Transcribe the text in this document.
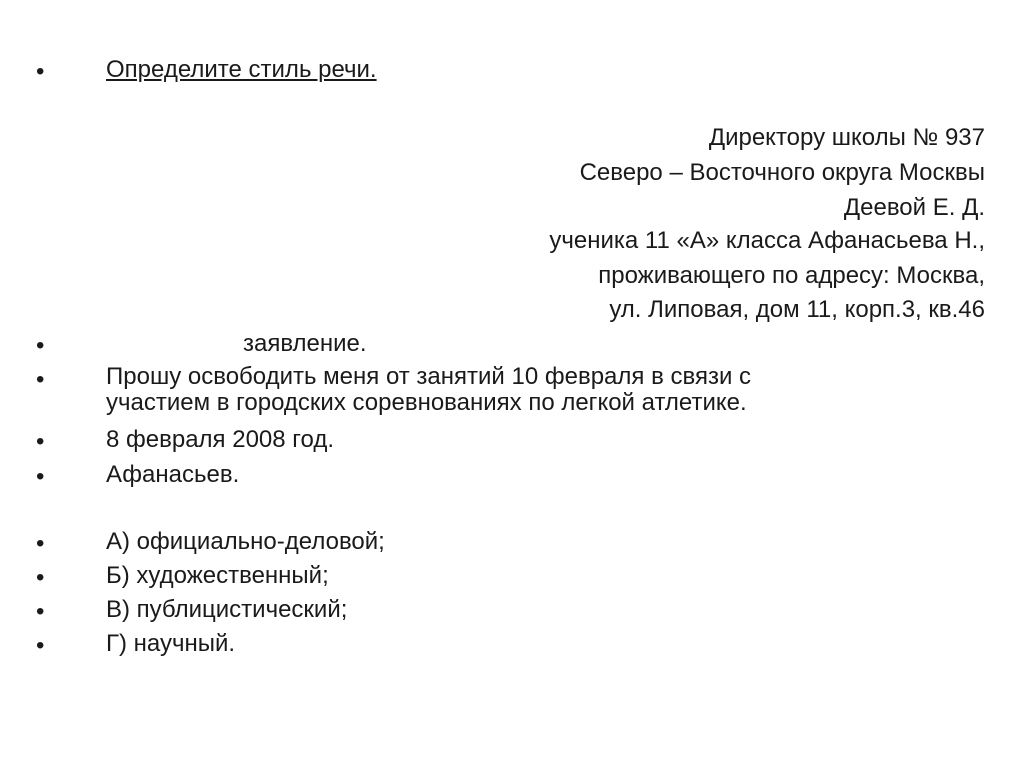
•	Определите стиль речи.
Директору школы № 937
Северо – Восточного округа Москвы
Деевой Е. Д.
ученика 11 «А» класса Афанасьева Н.,
проживающего по адресу: Москва,
ул. Липовая, дом 11, корп.3, кв.46
•	заявление.
•	Прошу освободить меня от занятий 10 февраля в связи с
участием в городских соревнованиях по легкой атлетике.
•	8 февраля 2008 год.
•	Афанасьев.
•	А) официально-деловой;
•	Б) художественный;
•	В) публицистический;
•	Г) научный.
